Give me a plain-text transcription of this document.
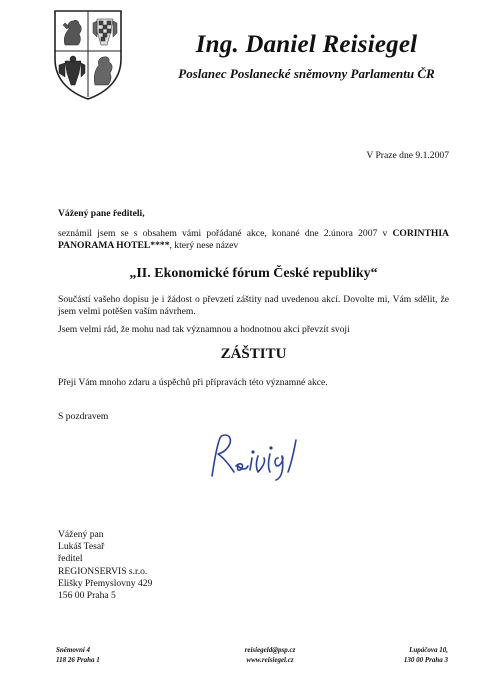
Ing. Daniel Reisiegel
Poslanec Poslanecké sněmovny Parlamentu ČR
V Praze dne 9.1.2007
Vážený pane řediteli,

seznámil jsem se s obsahem vámi pořádané akce, konané dne 2.února 2007 v CORINTHIA PANORAMA HOTEL****, který nese název

„II. Ekonomické fórum České republiky“

Součástí vašeho dopisu je i žádost o převzetí záštity nad uvedenou akcí. Dovolte mi, Vám sdělit, že jsem velmi potěšen vaším návrhem.

Jsem velmi rád, že mohu nad tak významnou a hodnotnou akcí převzít svoji

ZÁŠTITU

Přeji Vám mnoho zdaru a úspěchů při přípravách této významné akce.

S pozdravem
Vážený pan
Lukáš Tesař
ředitel
REGIONSERVIS s.r.o.
Elišky Přemyslovny 429
156 00 Praha 5
Sněmovní 4
118 26 Praha 1
reisiegeld@psp.cz
www.reisiegel.cz
Lupáčova 10,
130 00 Praha 3
